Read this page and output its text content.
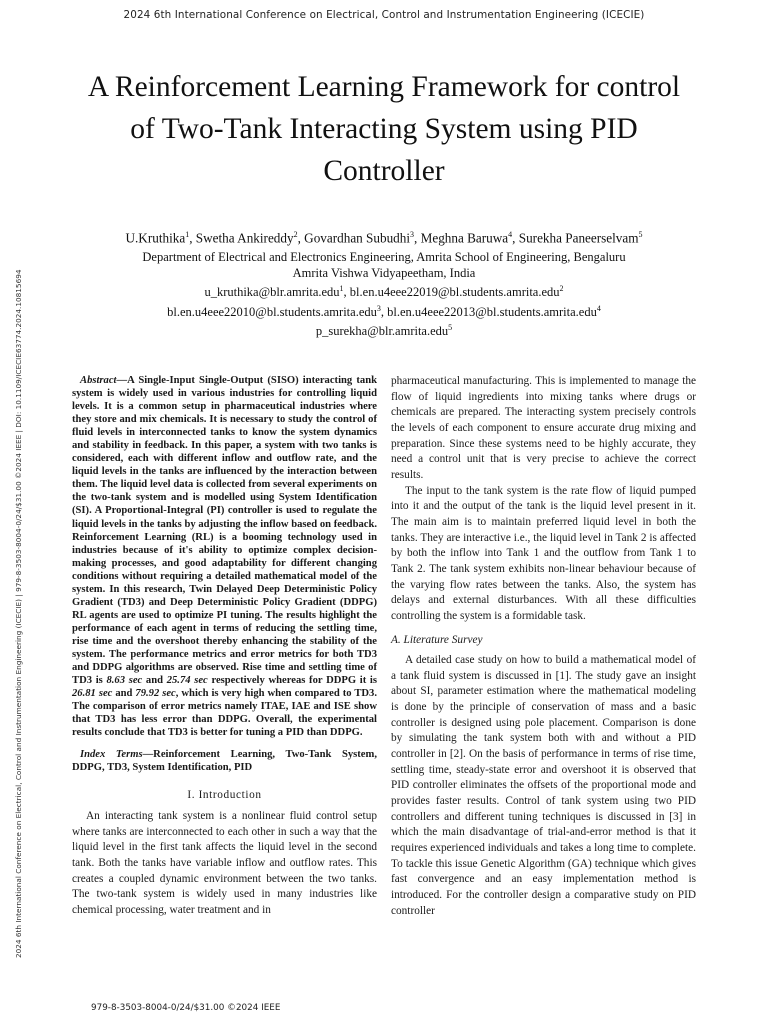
2024 6th International Conference on Electrical, Control and Instrumentation Engineering (ICECIE)
2024 6th International Conference on Electrical, Control and Instrumentation Engineering (ICECIE) | 979-8-3503-8004-0/24/$31.00 ©2024 IEEE | DOI: 10.1109/ICECIE63774.2024.10815694
A Reinforcement Learning Framework for control
of Two-Tank Interacting System using PID
Controller
U.Kruthika$^1$, Swetha Ankireddy$^2$, Govardhan Subudhi$^3$, Meghna Baruwa$^4$, Surekha Paneerselvam$^5$
Department of Electrical and Electronics Engineering, Amrita School of Engineering, Bengaluru
Amrita Vishwa Vidyapeetham, India
u_kruthika@blr.amrita.edu$^1$, bl.en.u4eee22019@bl.students.amrita.edu$^2$
bl.en.u4eee22010@bl.students.amrita.edu$^3$, bl.en.u4eee22013@bl.students.amrita.edu$^4$
p_surekha@blr.amrita.edu$^5$

Abstract—A Single-Input Single-Output (SISO) interacting tank system is widely used in various industries for controlling liquid levels. It is a common setup in pharmaceutical industries where they store and mix chemicals. It is necessary to study the control of fluid levels in interconnected tanks to know the system dynamics and stability in feedback. In this paper, a system with two tanks is considered, each with different inflow and outflow rate, and the liquid levels in the tanks are influenced by the interaction between them. The liquid level data is collected from several experiments on the two-tank system and is modelled using System Identification (SI). A Proportional-Integral (PI) controller is used to regulate the liquid levels in the tanks by adjusting the inflow based on feedback. Reinforcement Learning (RL) is a booming technology used in industries because of it's ability to optimize complex decision-making processes, and good adaptability for different changing conditions without requiring a detailed mathematical model of the system. In this research, Twin Delayed Deep Deterministic Policy Gradient (TD3) and Deep Deterministic Policy Gradient (DDPG) RL agents are used to optimize PI tuning. The results highlight the performance of each agent in terms of reducing the settling time, rise time and the overshoot thereby enhancing the stability of the system. The performance metrics and error metrics for both TD3 and DDPG algorithms are observed. Rise time and settling time of TD3 is 8.63 sec and 25.74 sec respectively whereas for DDPG it is 26.81 sec and 79.92 sec, which is very high when compared to TD3. The comparison of error metrics namely ITAE, IAE and ISE show that TD3 has less error than DDPG. Overall, the experimental results conclude that TD3 is better for tuning a PID than DDPG.

Index Terms—Reinforcement Learning, Two-Tank System, DDPG, TD3, System Identification, PID

I. Introduction

An interacting tank system is a nonlinear fluid control setup where tanks are interconnected to each other in such a way that the liquid level in the first tank affects the liquid level in the second tank. Both the tanks have variable inflow and outflow rates. This creates a coupled dynamic environment between the two tanks. The two-tank system is widely used in many industries like chemical processing, water treatment and in

pharmaceutical manufacturing. This is implemented to manage the flow of liquid ingredients into mixing tanks where drugs or chemicals are prepared. The interacting system precisely controls the levels of each component to ensure accurate drug mixing and preparation. Since these systems need to be highly accurate, they need a control unit that is very precise to achieve the correct results.

The input to the tank system is the rate flow of liquid pumped into it and the output of the tank is the liquid level present in it. The main aim is to maintain preferred liquid level in both the tanks. They are interactive i.e., the liquid level in Tank 2 is affected by both the inflow into Tank 1 and the outflow from Tank 1 to Tank 2. The tank system exhibits non-linear behaviour because of the varying flow rates between the tanks. Also, the system has delays and external disturbances. With all these difficulties controlling the system is a formidable task.

A. Literature Survey

A detailed case study on how to build a mathematical model of a tank fluid system is discussed in [1]. The study gave an insight about SI, parameter estimation where the mathematical modeling is done by the principle of conservation of mass and a basic controller is designed using pole placement. Comparison is done by simulating the tank system both with and without a PID controller in [2]. On the basis of performance in terms of rise time, settling time, steady-state error and overshoot it is observed that PID controller eliminates the offsets of the proportional mode and provides faster results. Control of tank system using two PID controllers and different tuning techniques is discussed in [3] in which the main disadvantage of trial-and-error method is that it requires experienced individuals and takes a long time to complete. To tackle this issue Genetic Algorithm (GA) technique which gives fast convergence and an easy implementation method is introduced. For the controller design a comparative study on PID controller

979-8-3503-8004-0/24/$31.00 ©2024 IEEE
